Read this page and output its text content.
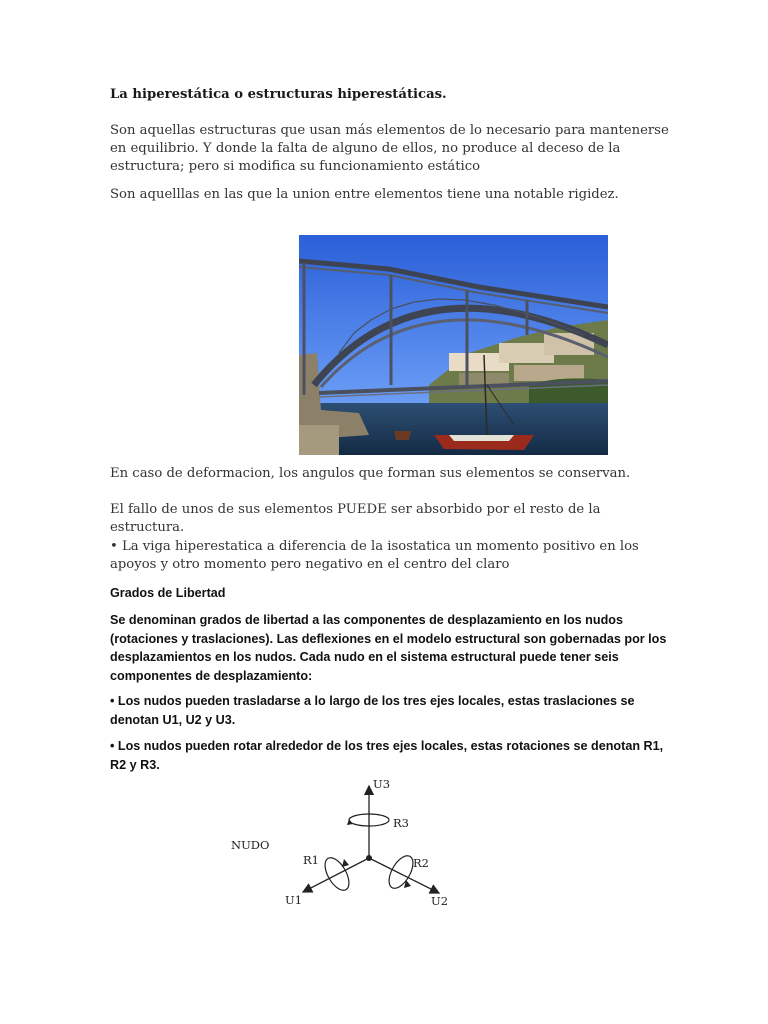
La hiperestática o estructuras hiperestáticas.

Son aquellas estructuras que usan más elementos de lo necesario para mantenerse en equilibrio. Y donde la falta de alguno de ellos, no produce al deceso de la estructura; pero si modifica su funcionamiento estático

Son aquelllas en las que la union entre elementos tiene una notable rigidez.

En caso de deformacion, los angulos que forman sus elementos se conservan.

El fallo de unos de sus elementos PUEDE ser absorbido por el resto de la estructura.

• La viga hiperestatica a diferencia de la isostatica un momento positivo en los apoyos y otro momento pero negativo en el centro del claro

Grados de Libertad

Se denominan grados de libertad a las componentes de desplazamiento en los nudos (rotaciones y traslaciones). Las deflexiones en el modelo estructural son gobernadas por los desplazamientos en los nudos. Cada nudo en el sistema estructural puede tener seis componentes de desplazamiento:

• Los nudos pueden trasladarse a lo largo de los tres ejes locales, estas traslaciones se denotan U1, U2 y U3.

• Los nudos pueden rotar alrededor de los tres ejes locales, estas rotaciones se denotan R1, R2 y R3.

U3
R3
NUDO
R1	R2
U1	U2
